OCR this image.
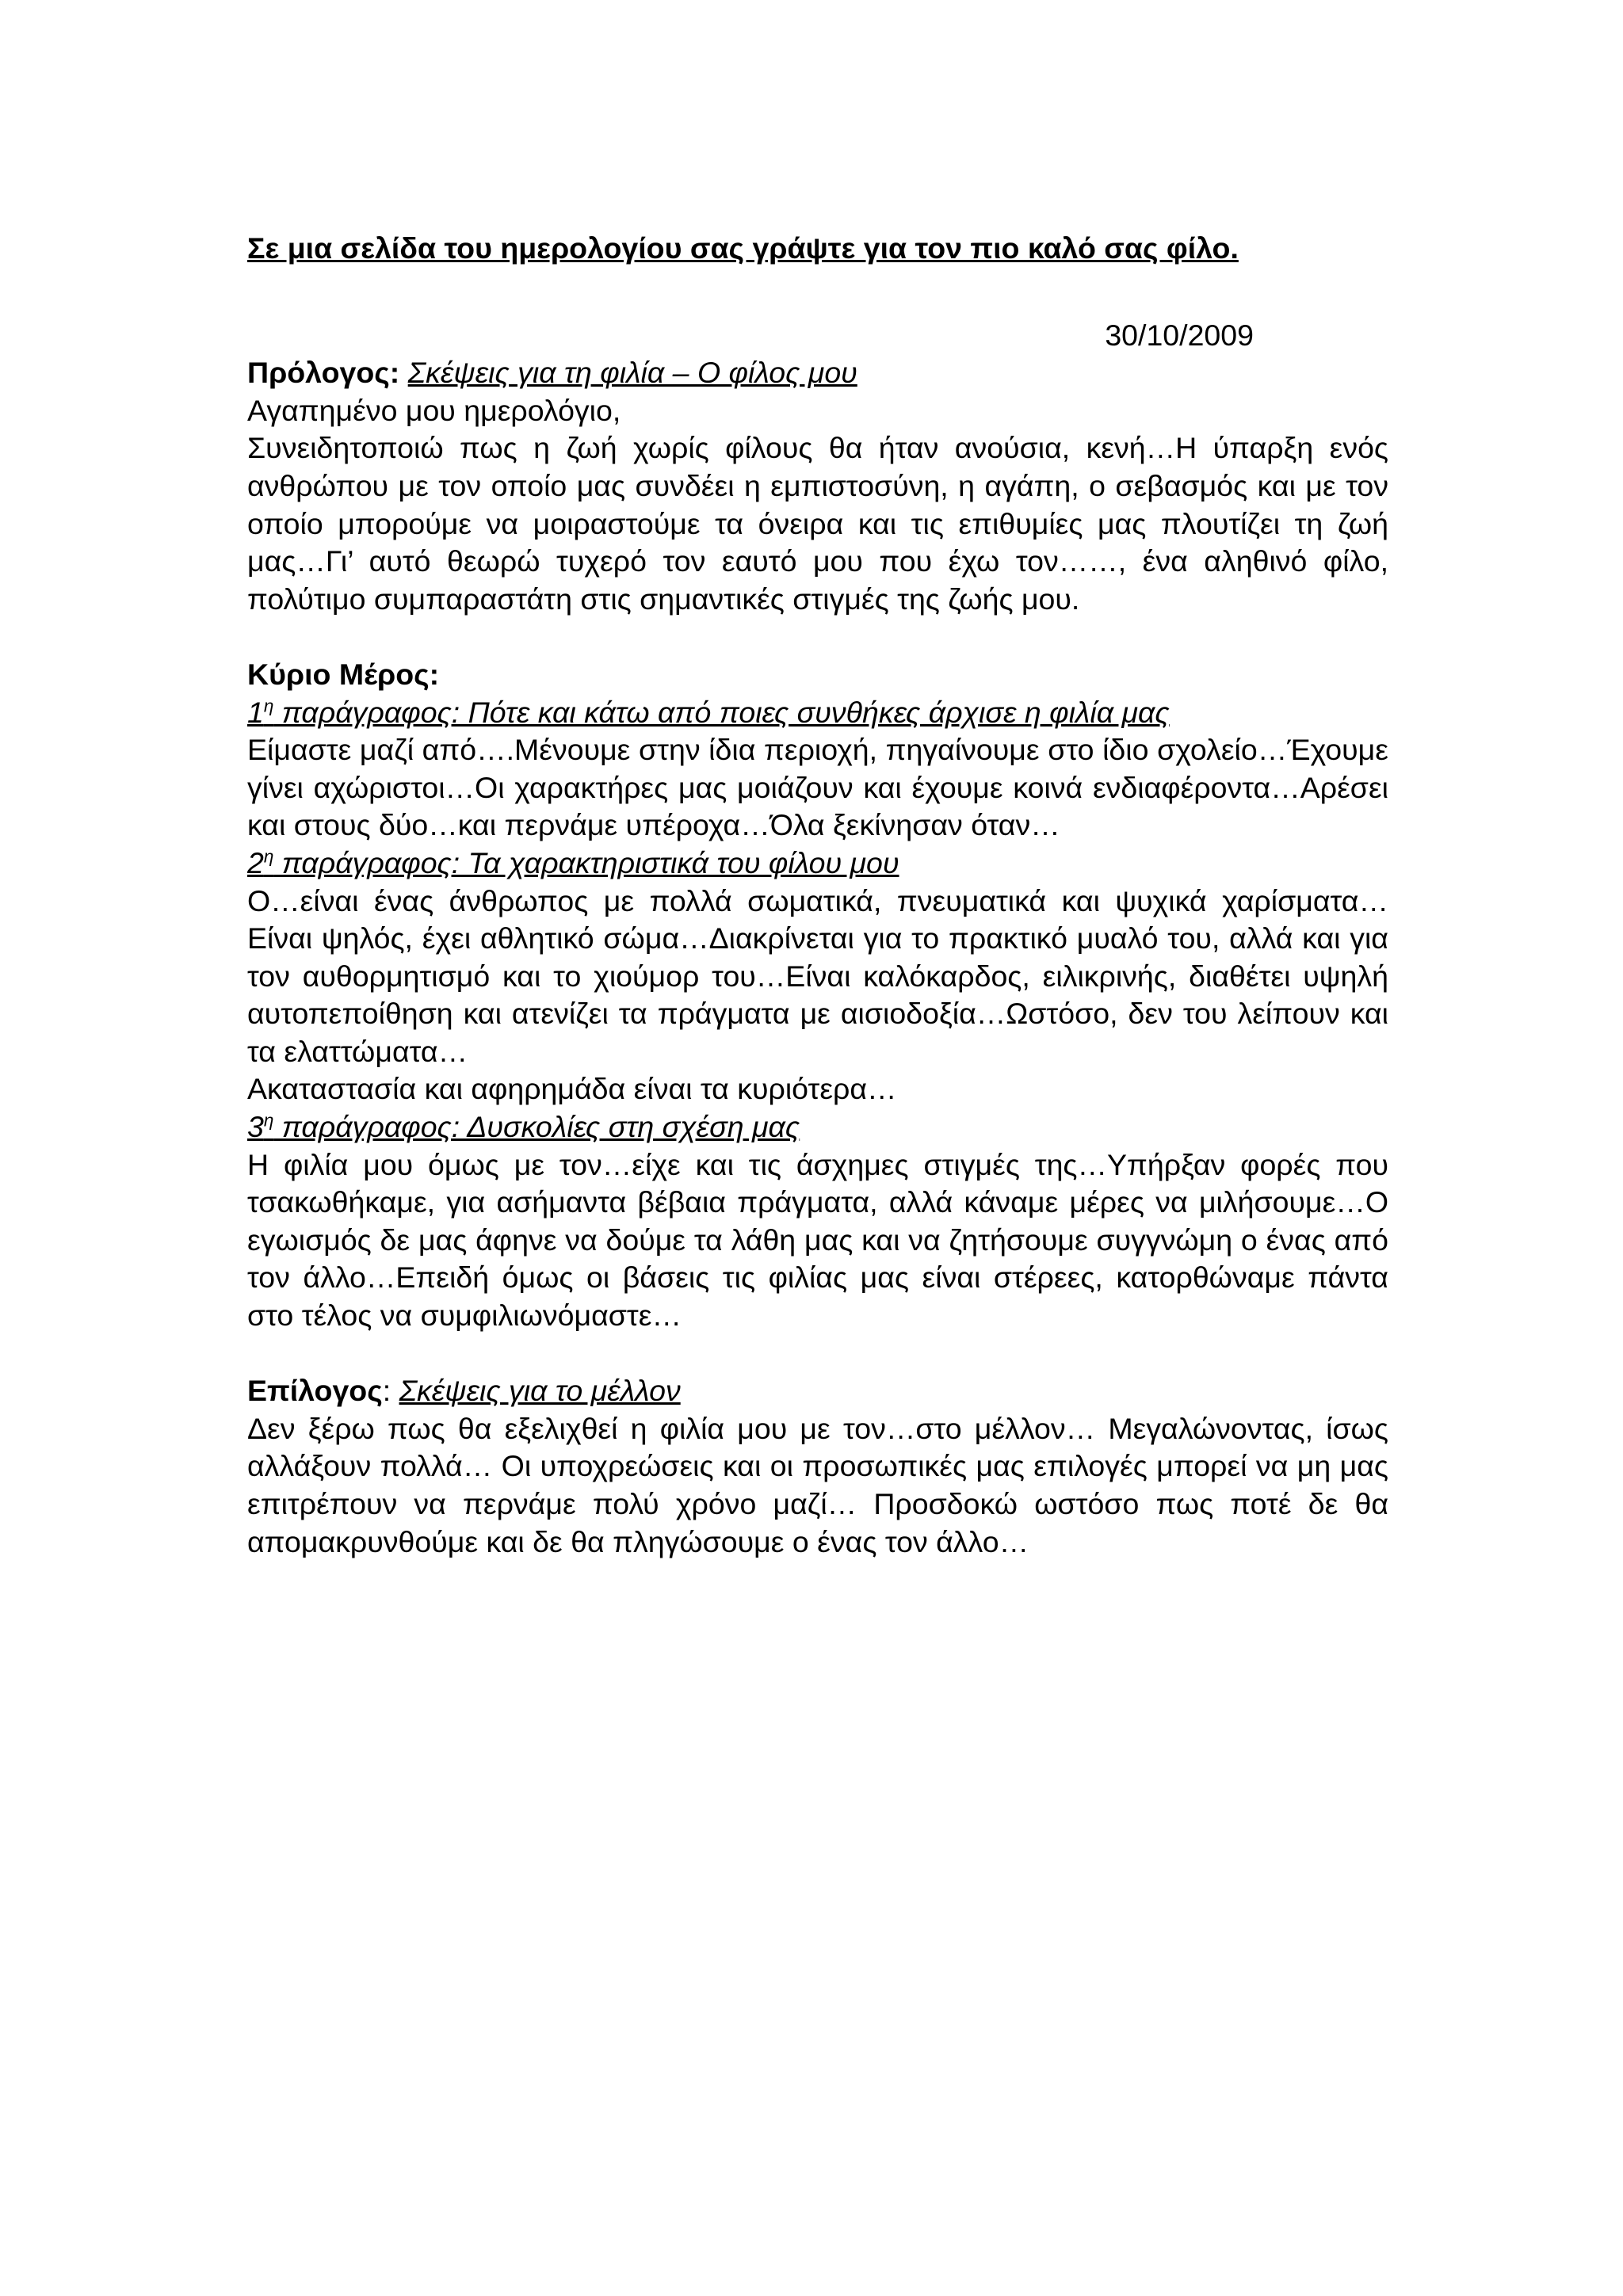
Σε μια σελίδα του ημερολογίου σας γράψτε για τον πιο καλό σας φίλο.

30/10/2009

Πρόλογος: Σκέψεις για τη φιλία – Ο φίλος μου

Αγαπημένο μου ημερολόγιο,

Συνειδητοποιώ πως η ζωή χωρίς φίλους θα ήταν ανούσια, κενή…Η ύπαρξη ενός ανθρώπου με τον οποίο μας συνδέει η εμπιστοσύνη, η αγάπη, ο σεβασμός και με τον οποίο μπορούμε να μοιραστούμε τα όνειρα και τις επιθυμίες μας πλουτίζει τη ζωή μας…Γι’ αυτό θεωρώ τυχερό τον εαυτό μου που έχω τον……, ένα αληθινό φίλο, πολύτιμο συμπαραστάτη στις σημαντικές στιγμές της ζωής μου.

Κύριο Μέρος:

$1^\eta$ παράγραφος: Πότε και κάτω από ποιες συνθήκες άρχισε η φιλία μας

Είμαστε μαζί από….Μένουμε στην ίδια περιοχή, πηγαίνουμε στο ίδιο σχολείο…Έχουμε γίνει αχώριστοι…Οι χαρακτήρες μας μοιάζουν και έχουμε κοινά ενδιαφέροντα…Αρέσει και στους δύο…και περνάμε υπέροχα…Όλα ξεκίνησαν όταν…

$2^\eta$ παράγραφος: Τα χαρακτηριστικά του φίλου μου

Ο…είναι ένας άνθρωπος με πολλά σωματικά, πνευματικά και ψυχικά χαρίσματα…Είναι ψηλός, έχει αθλητικό σώμα…Διακρίνεται για το πρακτικό μυαλό του, αλλά και για τον αυθορμητισμό και το χιούμορ του…Είναι καλόκαρδος, ειλικρινής, διαθέτει υψηλή αυτοπεποίθηση και ατενίζει τα πράγματα με αισιοδοξία…Ωστόσο, δεν του λείπουν και τα ελαττώματα…

Ακαταστασία και αφηρημάδα είναι τα κυριότερα…

$3^\eta$ παράγραφος: Δυσκολίες στη σχέση μας

Η φιλία μου όμως με τον…είχε και τις άσχημες στιγμές της…Υπήρξαν φορές που τσακωθήκαμε, για ασήμαντα βέβαια πράγματα, αλλά κάναμε μέρες να μιλήσουμε…Ο εγωισμός δε μας άφηνε να δούμε τα λάθη μας και να ζητήσουμε συγγνώμη ο ένας από τον άλλο…Επειδή όμως οι βάσεις τις φιλίας μας είναι στέρεες, κατορθώναμε πάντα στο τέλος να συμφιλιωνόμαστε…

Επίλογος: Σκέψεις για το μέλλον

Δεν ξέρω πως θα εξελιχθεί η φιλία μου με τον…στο μέλλον… Μεγαλώνοντας, ίσως αλλάξουν πολλά… Οι υποχρεώσεις και οι προσωπικές μας επιλογές μπορεί να μη μας επιτρέπουν να περνάμε πολύ χρόνο μαζί… Προσδοκώ ωστόσο πως ποτέ δε θα απομακρυνθούμε και δε θα πληγώσουμε ο ένας τον άλλο…
